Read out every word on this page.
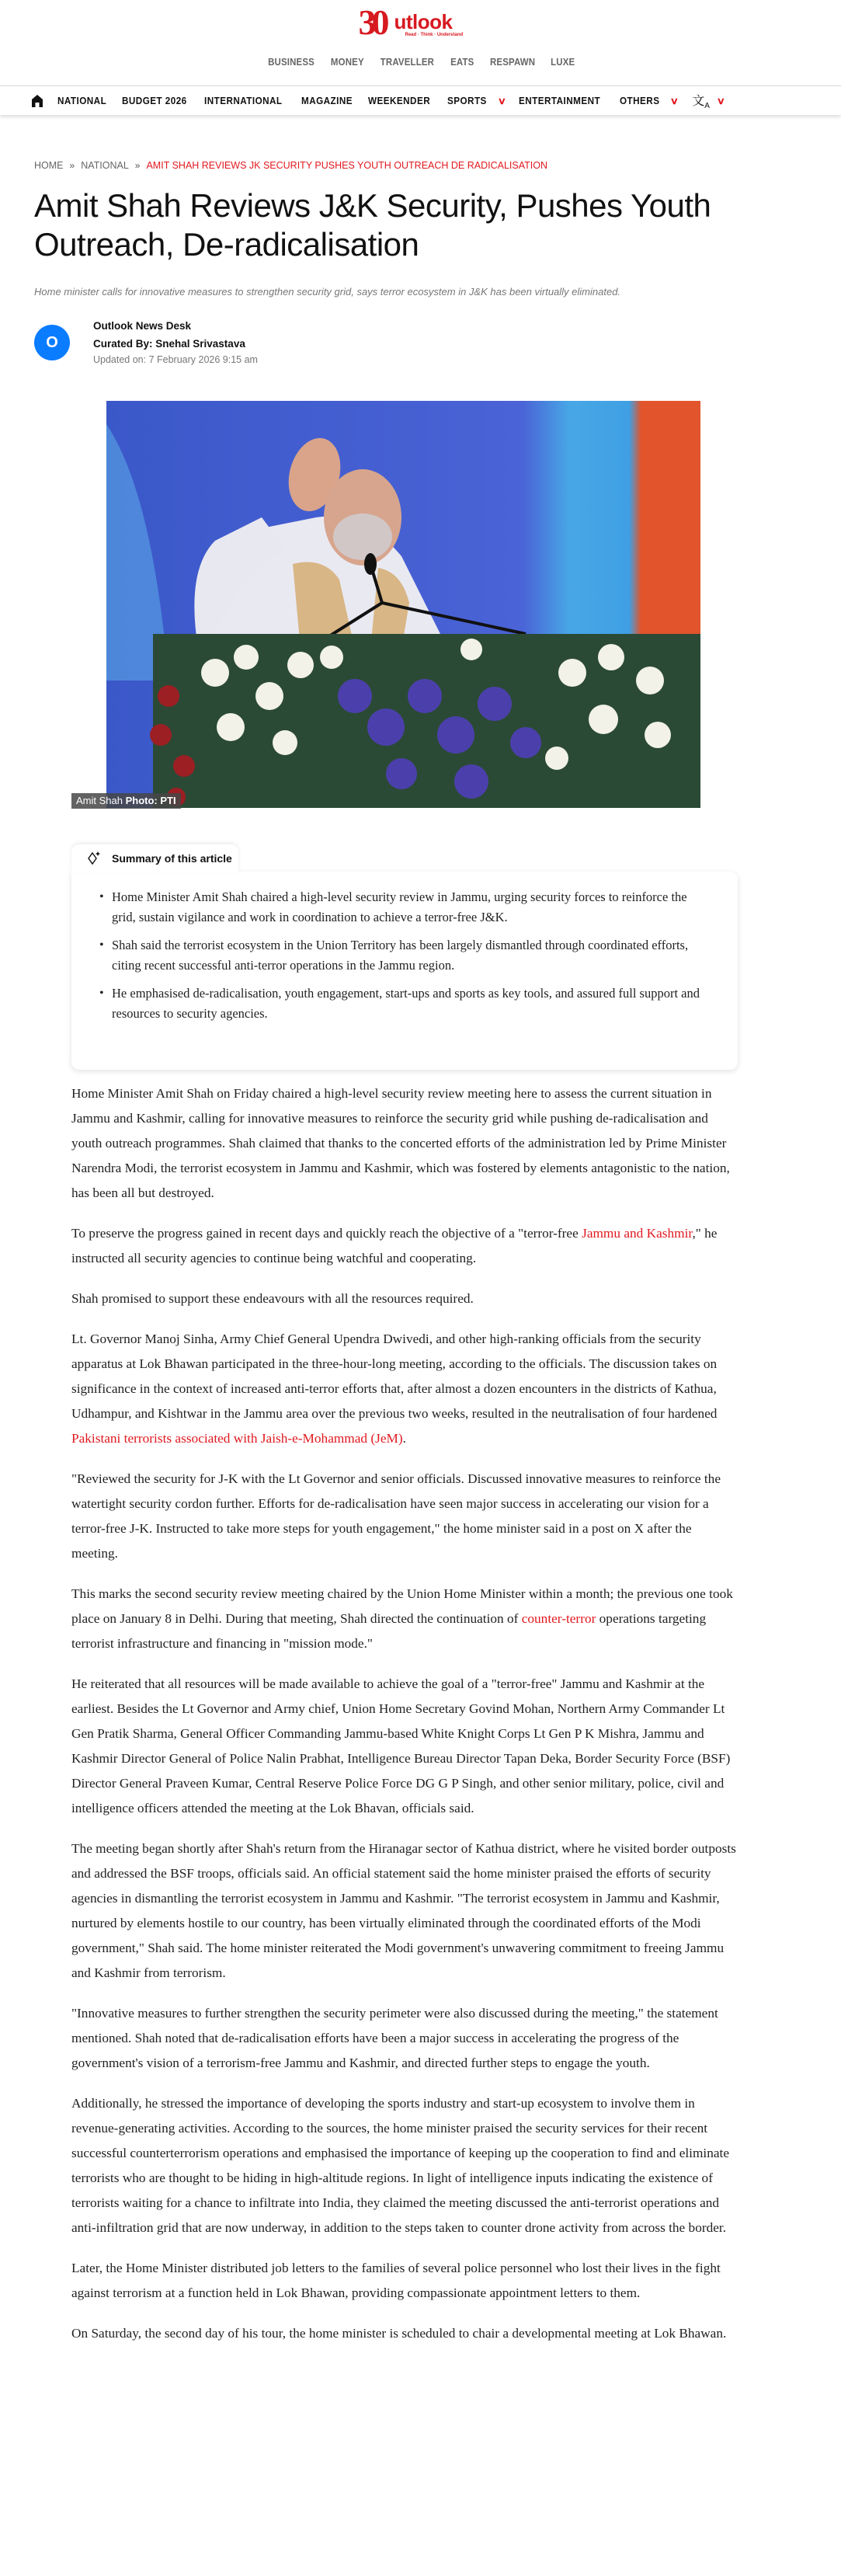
30 utlook
Read · Think · Understand
BUSINESS MONEY TRAVELLER EATS RESPAWN LUXE
NATIONAL BUDGET 2026 INTERNATIONAL MAGAZINE WEEKENDER SPORTS ∨ ENTERTAINMENT OTHERS ∨ 文$_A$
∨
HOME » NATIONAL » AMIT SHAH REVIEWS JK SECURITY PUSHES YOUTH OUTREACH DE RADICALISATION
Amit Shah Reviews J&K Security, Pushes Youth Outreach, De-radicalisation

Home minister calls for innovative measures to strengthen security grid, says terror ecosystem in J&K has been virtually eliminated.

O
Outlook News Desk
Curated By: Snehal Srivastava
Updated on: 7 February 2026 9:15 am
Amit Shah Photo: PTI
Summary of this article
• Home Minister Amit Shah chaired a high-level security review in Jammu, urging security forces to reinforce the grid, sustain vigilance and work in coordination to achieve a terror-free J&K.
• Shah said the terrorist ecosystem in the Union Territory has been largely dismantled through coordinated efforts, citing recent successful anti-terror operations in the Jammu region.
• He emphasised de-radicalisation, youth engagement, start-ups and sports as key tools, and assured full support and resources to security agencies.

Home Minister Amit Shah on Friday chaired a high-level security review meeting here to assess the current situation in Jammu and Kashmir, calling for innovative measures to reinforce the security grid while pushing de-radicalisation and youth outreach programmes. Shah claimed that thanks to the concerted efforts of the administration led by Prime Minister Narendra Modi, the terrorist ecosystem in Jammu and Kashmir, which was fostered by elements antagonistic to the nation, has been all but destroyed.

To preserve the progress gained in recent days and quickly reach the objective of a "terror-free Jammu and Kashmir," he instructed all security agencies to continue being watchful and cooperating.

Shah promised to support these endeavours with all the resources required.

Lt. Governor Manoj Sinha, Army Chief General Upendra Dwivedi, and other high-ranking officials from the security apparatus at Lok Bhawan participated in the three-hour-long meeting, according to the officials. The discussion takes on significance in the context of increased anti-terror efforts that, after almost a dozen encounters in the districts of Kathua, Udhampur, and Kishtwar in the Jammu area over the previous two weeks, resulted in the neutralisation of four hardened Pakistani terrorists associated with Jaish-e-Mohammad (JeM).

"Reviewed the security for J-K with the Lt Governor and senior officials. Discussed innovative measures to reinforce the watertight security cordon further. Efforts for de-radicalisation have seen major success in accelerating our vision for a terror-free J-K. Instructed to take more steps for youth engagement," the home minister said in a post on X after the meeting.

This marks the second security review meeting chaired by the Union Home Minister within a month; the previous one took place on January 8 in Delhi. During that meeting, Shah directed the continuation of counter-terror operations targeting terrorist infrastructure and financing in "mission mode."

He reiterated that all resources will be made available to achieve the goal of a "terror-free" Jammu and Kashmir at the earliest. Besides the Lt Governor and Army chief, Union Home Secretary Govind Mohan, Northern Army Commander Lt Gen Pratik Sharma, General Officer Commanding Jammu-based White Knight Corps Lt Gen P K Mishra, Jammu and Kashmir Director General of Police Nalin Prabhat, Intelligence Bureau Director Tapan Deka, Border Security Force (BSF) Director General Praveen Kumar, Central Reserve Police Force DG G P Singh, and other senior military, police, civil and intelligence officers attended the meeting at the Lok Bhavan, officials said.

The meeting began shortly after Shah's return from the Hiranagar sector of Kathua district, where he visited border outposts and addressed the BSF troops, officials said. An official statement said the home minister praised the efforts of security agencies in dismantling the terrorist ecosystem in Jammu and Kashmir. "The terrorist ecosystem in Jammu and Kashmir, nurtured by elements hostile to our country, has been virtually eliminated through the coordinated efforts of the Modi government," Shah said. The home minister reiterated the Modi government's unwavering commitment to freeing Jammu and Kashmir from terrorism.

"Innovative measures to further strengthen the security perimeter were also discussed during the meeting," the statement mentioned. Shah noted that de-radicalisation efforts have been a major success in accelerating the progress of the government's vision of a terrorism-free Jammu and Kashmir, and directed further steps to engage the youth.

Additionally, he stressed the importance of developing the sports industry and start-up ecosystem to involve them in revenue-generating activities. According to the sources, the home minister praised the security services for their recent successful counterterrorism operations and emphasised the importance of keeping up the cooperation to find and eliminate terrorists who are thought to be hiding in high-altitude regions. In light of intelligence inputs indicating the existence of terrorists waiting for a chance to infiltrate into India, they claimed the meeting discussed the anti-terrorist operations and anti-infiltration grid that are now underway, in addition to the steps taken to counter drone activity from across the border.

Later, the Home Minister distributed job letters to the families of several police personnel who lost their lives in the fight against terrorism at a function held in Lok Bhawan, providing compassionate appointment letters to them.

On Saturday, the second day of his tour, the home minister is scheduled to chair a developmental meeting at Lok Bhawan.
